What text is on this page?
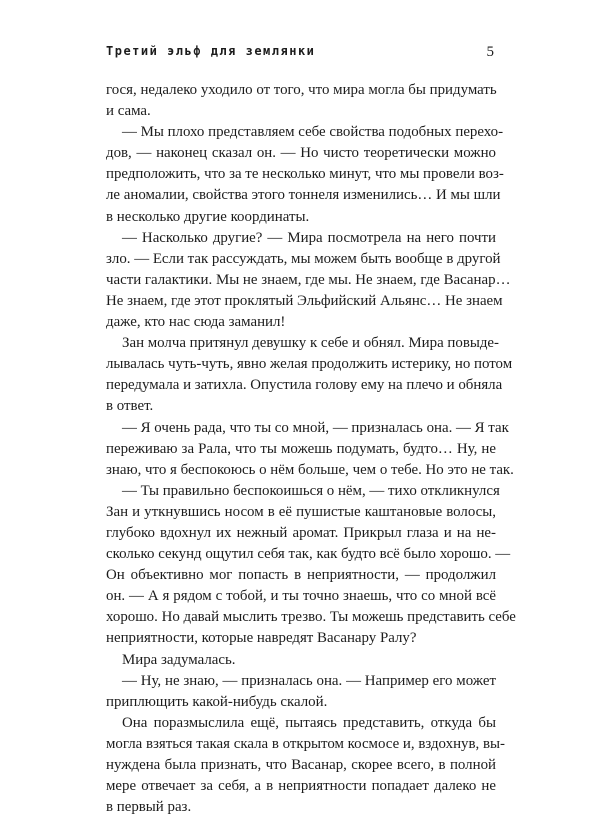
Третий эльф для землянки	5
гося, недалеко уходило от того, что мира могла бы придумать
и сама.
— Мы плохо представляем себе свойства подобных перехо-
дов, — наконец сказал он. — Но чисто теоретически можно
предположить, что за те несколько минут, что мы провели воз-
ле аномалии, свойства этого тоннеля изменились… И мы шли
в несколько другие координаты.
— Насколько другие? — Мира посмотрела на него почти
зло. — Если так рассуждать, мы можем быть вообще в другой
части галактики. Мы не знаем, где мы. Не знаем, где Васанар…
Не знаем, где этот проклятый Эльфийский Альянс… Не знаем
даже, кто нас сюда заманил!
Зан молча притянул девушку к себе и обнял. Мира повыде-
лывалась чуть-чуть, явно желая продолжить истерику, но потом
передумала и затихла. Опустила голову ему на плечо и обняла
в ответ.
— Я очень рада, что ты со мной, — призналась она. — Я так
переживаю за Рала, что ты можешь подумать, будто… Ну, не
знаю, что я беспокоюсь о нём больше, чем о тебе. Но это не так.
— Ты правильно беспокоишься о нём, — тихо откликнулся
Зан и уткнувшись носом в её пушистые каштановые волосы,
глубоко вдохнул их нежный аромат. Прикрыл глаза и на не-
сколько секунд ощутил себя так, как будто всё было хорошо. —
Он объективно мог попасть в неприятности, — продолжил
он. — А я рядом с тобой, и ты точно знаешь, что со мной всё
хорошо. Но давай мыслить трезво. Ты можешь представить себе
неприятности, которые навредят Васанару Ралу?
Мира задумалась.
— Ну, не знаю, — призналась она. — Например его может
приплющить какой-нибудь скалой.
Она поразмыслила ещё, пытаясь представить, откуда бы
могла взяться такая скала в открытом космосе и, вздохнув, вы-
нуждена была признать, что Васанар, скорее всего, в полной
мере отвечает за себя, а в неприятности попадает далеко не
в первый раз.
